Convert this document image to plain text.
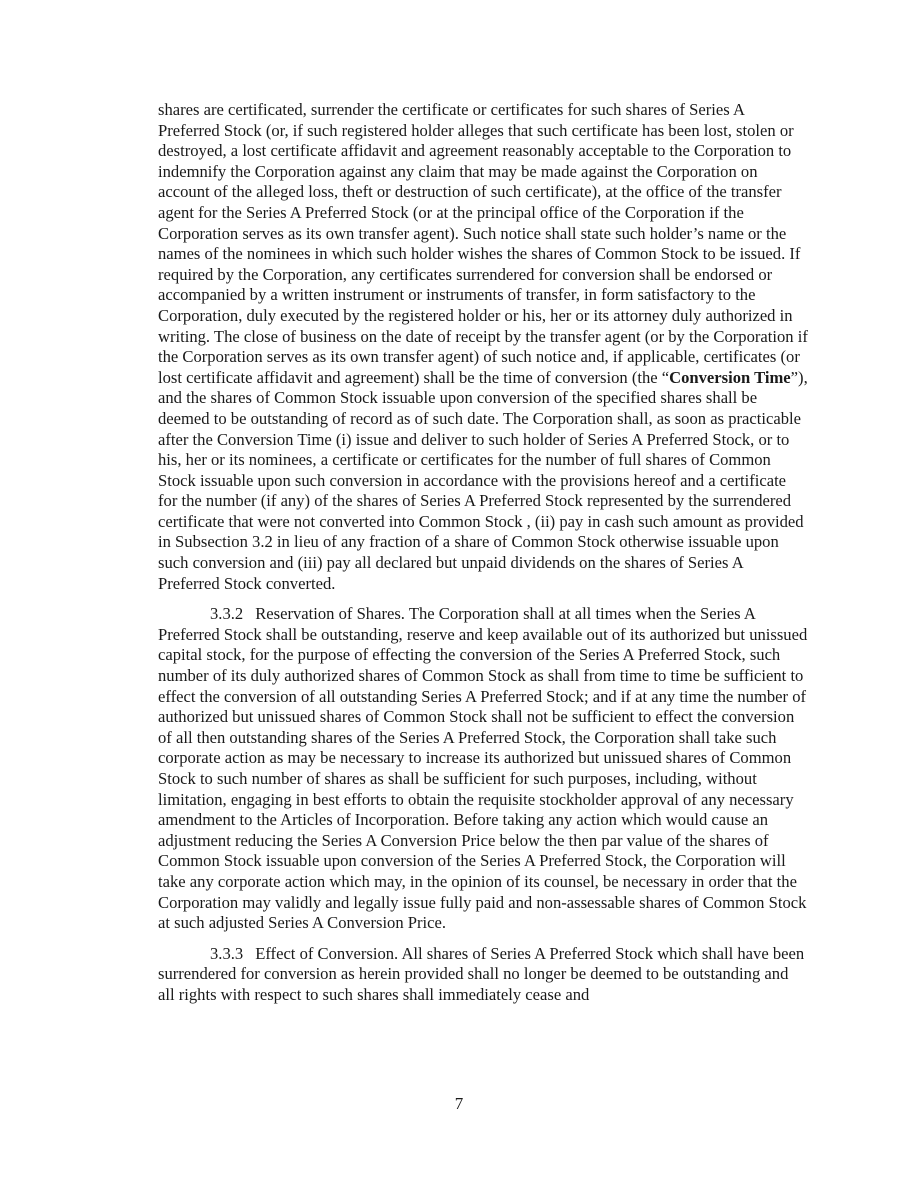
shares are certificated, surrender the certificate or certificates for such shares of Series A Preferred Stock (or, if such registered holder alleges that such certificate has been lost, stolen or destroyed, a lost certificate affidavit and agreement reasonably acceptable to the Corporation to indemnify the Corporation against any claim that may be made against the Corporation on account of the alleged loss, theft or destruction of such certificate), at the office of the transfer agent for the Series A Preferred Stock (or at the principal office of the Corporation if the Corporation serves as its own transfer agent). Such notice shall state such holder’s name or the names of the nominees in which such holder wishes the shares of Common Stock to be issued. If required by the Corporation, any certificates surrendered for conversion shall be endorsed or accompanied by a written instrument or instruments of transfer, in form satisfactory to the Corporation, duly executed by the registered holder or his, her or its attorney duly authorized in writing. The close of business on the date of receipt by the transfer agent (or by the Corporation if the Corporation serves as its own transfer agent) of such notice and, if applicable, certificates (or lost certificate affidavit and agreement) shall be the time of conversion (the “Conversion Time”), and the shares of Common Stock issuable upon conversion of the specified shares shall be deemed to be outstanding of record as of such date. The Corporation shall, as soon as practicable after the Conversion Time (i) issue and deliver to such holder of Series A Preferred Stock, or to his, her or its nominees, a certificate or certificates for the number of full shares of Common Stock issuable upon such conversion in accordance with the provisions hereof and a certificate for the number (if any) of the shares of Series A Preferred Stock represented by the surrendered certificate that were not converted into Common Stock , (ii) pay in cash such amount as provided in Subsection 3.2 in lieu of any fraction of a share of Common Stock otherwise issuable upon such conversion and (iii) pay all declared but unpaid dividends on the shares of Series A Preferred Stock converted.

3.3.2 Reservation of Shares. The Corporation shall at all times when the Series A Preferred Stock shall be outstanding, reserve and keep available out of its authorized but unissued capital stock, for the purpose of effecting the conversion of the Series A Preferred Stock, such number of its duly authorized shares of Common Stock as shall from time to time be sufficient to effect the conversion of all outstanding Series A Preferred Stock; and if at any time the number of authorized but unissued shares of Common Stock shall not be sufficient to effect the conversion of all then outstanding shares of the Series A Preferred Stock, the Corporation shall take such corporate action as may be necessary to increase its authorized but unissued shares of Common Stock to such number of shares as shall be sufficient for such purposes, including, without limitation, engaging in best efforts to obtain the requisite stockholder approval of any necessary amendment to the Articles of Incorporation. Before taking any action which would cause an adjustment reducing the Series A Conversion Price below the then par value of the shares of Common Stock issuable upon conversion of the Series A Preferred Stock, the Corporation will take any corporate action which may, in the opinion of its counsel, be necessary in order that the Corporation may validly and legally issue fully paid and non-assessable shares of Common Stock at such adjusted Series A Conversion Price.

3.3.3 Effect of Conversion. All shares of Series A Preferred Stock which shall have been surrendered for conversion as herein provided shall no longer be deemed to be outstanding and all rights with respect to such shares shall immediately cease and

7
